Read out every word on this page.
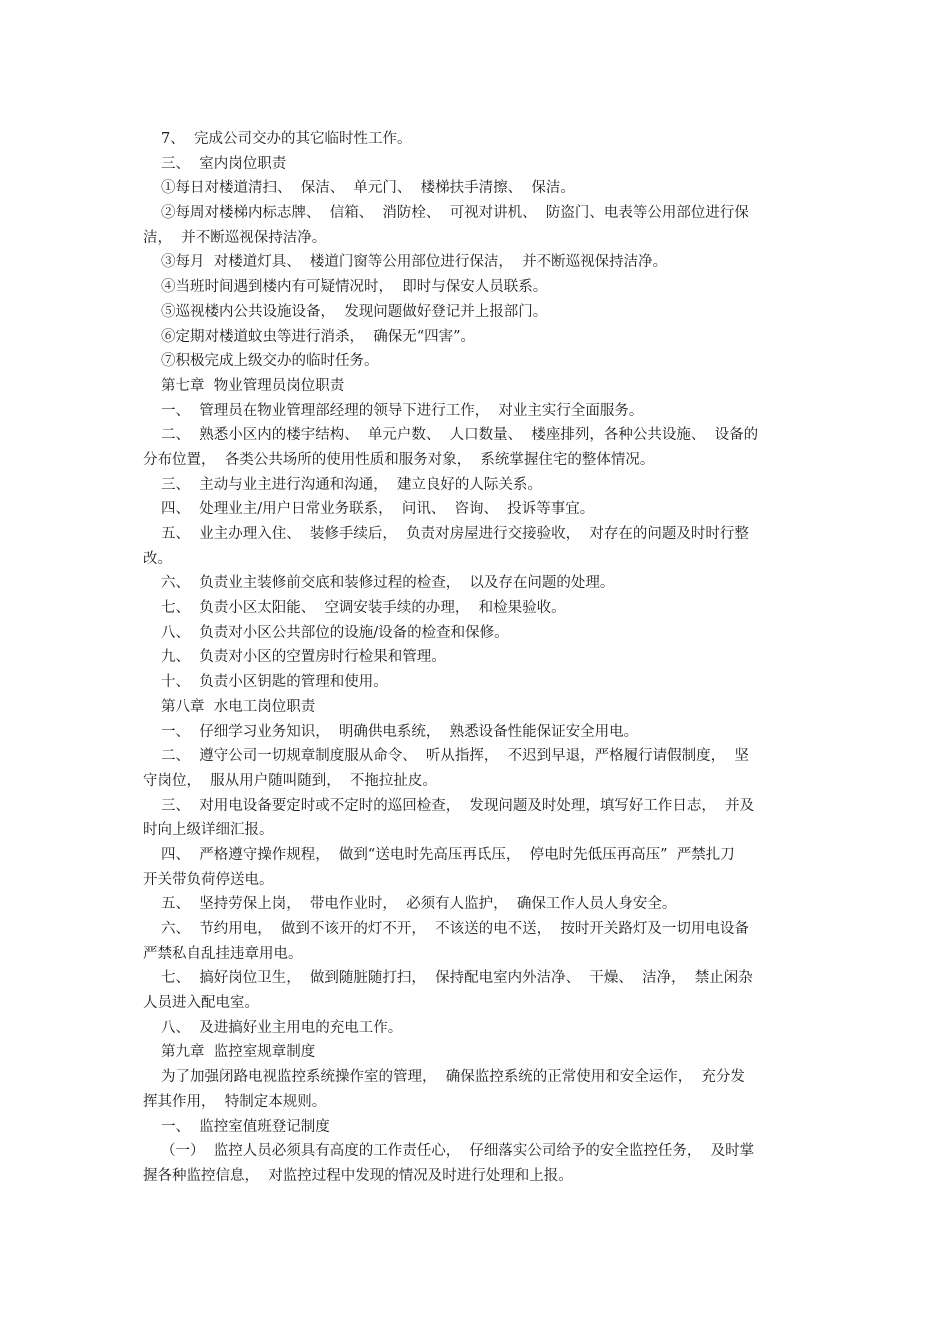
7、  完成公司交办的其它临时性工作。
三、  室内岗位职责
①每日对楼道清扫、  保洁、  单元门、  楼梯扶手清擦、  保洁。
②每周对楼梯内标志牌、  信箱、  消防栓、  可视对讲机、  防盗门、电表等公用部位进行保
洁，  并不断巡视保持洁净。
③每月  对楼道灯具、  楼道门窗等公用部位进行保洁，  并不断巡视保持洁净。
④当班时间遇到楼内有可疑情况时，  即时与保安人员联系。
⑤巡视楼内公共设施设备，  发现问题做好登记并上报部门。
⑥定期对楼道蚊虫等进行消杀，  确保无“四害”。
⑦积极完成上级交办的临时任务。
第七章  物业管理员岗位职责
一、  管理员在物业管理部经理的领导下进行工作，  对业主实行全面服务。
二、  熟悉小区内的楼宇结构、  单元户数、  人口数量、  楼座排列，各种公共设施、  设备的
分布位置，  各类公共场所的使用性质和服务对象，  系统掌握住宅的整体情况。
三、  主动与业主进行沟通和沟通，  建立良好的人际关系。
四、  处理业主/用户日常业务联系，  问讯、  咨询、  投诉等事宜。
五、  业主办理入住、  装修手续后，  负责对房屋进行交接验收，  对存在的问题及时时行整
改。
六、  负责业主装修前交底和装修过程的检查，  以及存在问题的处理。
七、  负责小区太阳能、  空调安装手续的办理，  和检果验收。
八、  负责对小区公共部位的设施/设备的检查和保修。
九、  负责对小区的空置房时行检果和管理。
十、  负责小区钥匙的管理和使用。
第八章  水电工岗位职责
一、  仔细学习业务知识，  明确供电系统，  熟悉设备性能保证安全用电。
二、  遵守公司一切规章制度服从命令、  听从指挥，  不迟到早退，严格履行请假制度，  坚
守岗位，  服从用户随叫随到，  不拖拉扯皮。
三、  对用电设备要定时或不定时的巡回检查，  发现问题及时处理，填写好工作日志，  并及
时向上级详细汇报。
四、  严格遵守操作规程，  做到“送电时先高压再氐压，  停电时先低压再高压”  严禁扎刀
开关带负荷停送电。
五、  坚持劳保上岗，  带电作业时，  必须有人监护，  确保工作人员人身安全。
六、  节约用电，  做到不该开的灯不开，  不该送的电不送，  按时开关路灯及一切用电设备
严禁私自乱挂违章用电。
七、  搞好岗位卫生，  做到随脏随打扫，  保持配电室内外洁净、  干燥、  洁净，  禁止闲杂
人员进入配电室。
八、  及进搞好业主用电的充电工作。
第九章  监控室规章制度
为了加强闭路电视监控系统操作室的管理，  确保监控系统的正常使用和安全运作，  充分发
挥其作用，  特制定本规则。
一、  监控室值班登记制度
（一）  监控人员必须具有高度的工作责任心，  仔细落实公司给予的安全监控任务，  及时掌
握各种监控信息，  对监控过程中发现的情况及时进行处理和上报。
